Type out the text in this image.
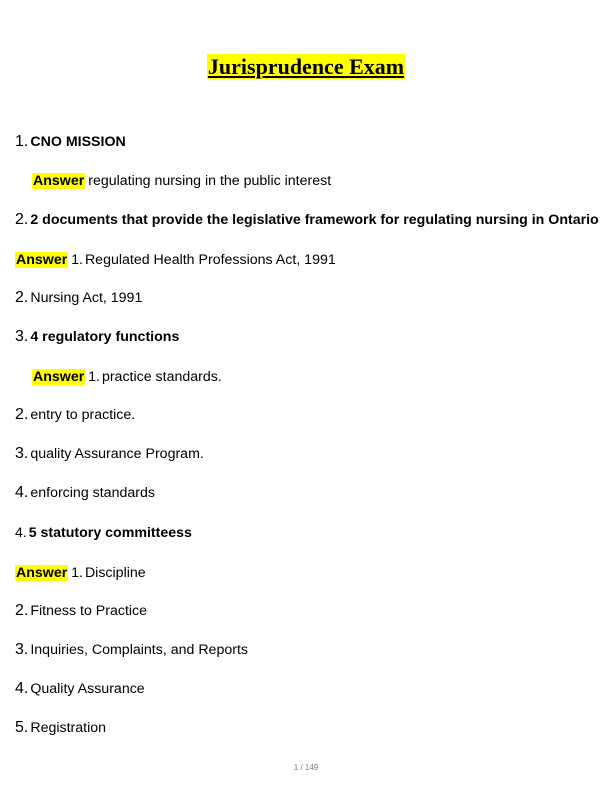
Jurisprudence Exam
1. CNO MISSION
Answer regulating nursing in the public interest
2. 2 documents that provide the legislative framework for regulating nursing in Ontario
Answer 1. Regulated Health Professions Act, 1991
2. Nursing Act, 1991
3. 4 regulatory functions
Answer 1. practice standards.
2. entry to practice.
3. quality Assurance Program.
4. enforcing standards
4. 5 statutory committeess
Answer 1. Discipline
2. Fitness to Practice
3. Inquiries, Complaints, and Reports
4. Quality Assurance
5. Registration
1 / 149
